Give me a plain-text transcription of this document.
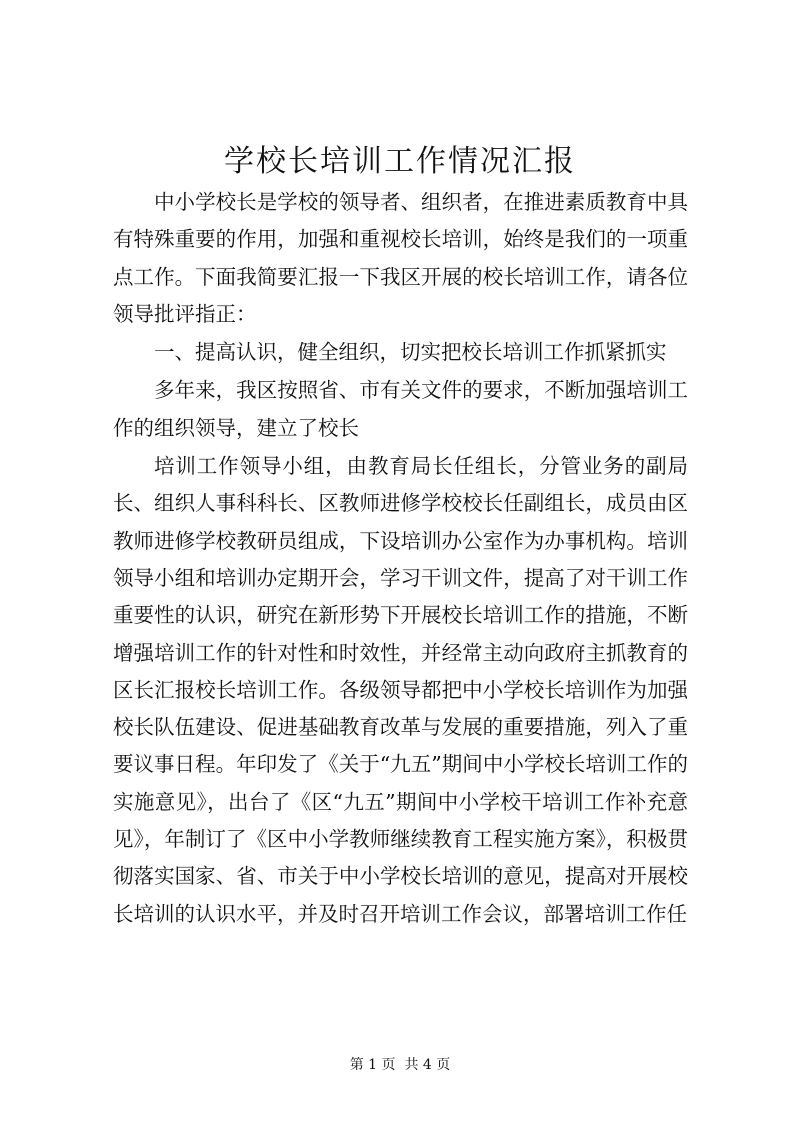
学校长培训工作情况汇报

中小学校长是学校的领导者、组织者，在推进素质教育中具有特殊重要的作用，加强和重视校长培训，始终是我们的一项重点工作。下面我简要汇报一下我区开展的校长培训工作，请各位领导批评指正：

一、提高认识，健全组织，切实把校长培训工作抓紧抓实

多年来，我区按照省、市有关文件的要求，不断加强培训工作的组织领导，建立了校长

培训工作领导小组，由教育局长任组长，分管业务的副局长、组织人事科科长、区教师进修学校校长任副组长，成员由区教师进修学校教研员组成，下设培训办公室作为办事机构。培训领导小组和培训办定期开会，学习干训文件，提高了对干训工作重要性的认识，研究在新形势下开展校长培训工作的措施，不断增强培训工作的针对性和时效性，并经常主动向政府主抓教育的区长汇报校长培训工作。各级领导都把中小学校长培训作为加强校长队伍建设、促进基础教育改革与发展的重要措施，列入了重要议事日程。年印发了《关于“九五”期间中小学校长培训工作的实施意见》，出台了《区“九五”期间中小学校干培训工作补充意见》，年制订了《区中小学教师继续教育工程实施方案》，积极贯彻落实国家、省、市关于中小学校长培训的意见，提高对开展校长培训的认识水平，并及时召开培训工作会议，部署培训工作任

第 1 页  共 4 页
